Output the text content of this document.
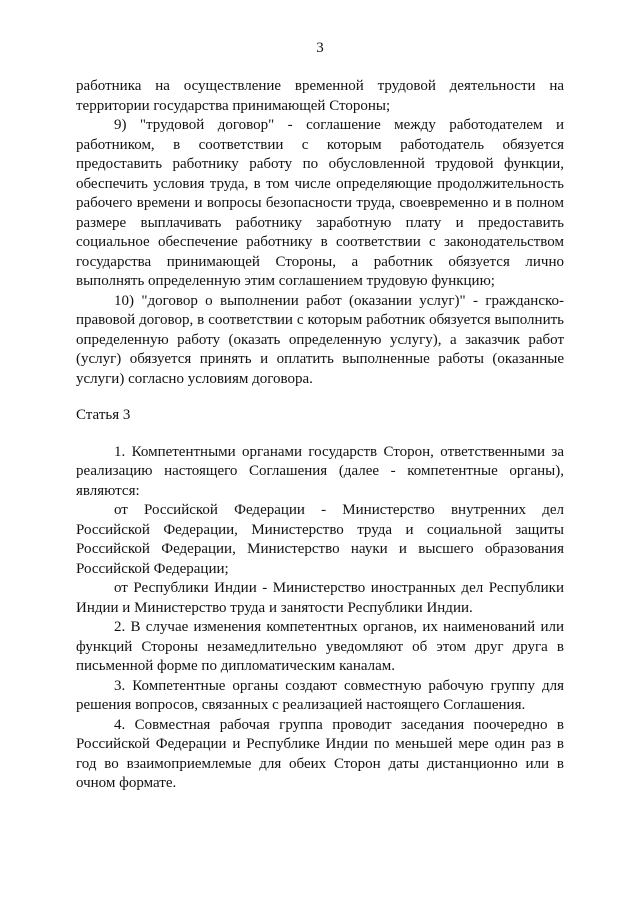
3

работника на осуществление временной трудовой деятельности на территории государства принимающей Стороны;

9) "трудовой договор" - соглашение между работодателем и работником, в соответствии с которым работодатель обязуется предоставить работнику работу по обусловленной трудовой функции, обеспечить условия труда, в том числе определяющие продолжительность рабочего времени и вопросы безопасности труда, своевременно и в полном размере выплачивать работнику заработную плату и предоставить социальное обеспечение работнику в соответствии с законодательством государства принимающей Стороны, а работник обязуется лично выполнять определенную этим соглашением трудовую функцию;

10) "договор о выполнении работ (оказании услуг)" - гражданско-правовой договор, в соответствии с которым работник обязуется выполнить определенную работу (оказать определенную услугу), а заказчик работ (услуг) обязуется принять и оплатить выполненные работы (оказанные услуги) согласно условиям договора.

Статья 3

1. Компетентными органами государств Сторон, ответственными за реализацию настоящего Соглашения (далее - компетентные органы), являются:

от Российской Федерации - Министерство внутренних дел Российской Федерации, Министерство труда и социальной защиты Российской Федерации, Министерство науки и высшего образования Российской Федерации;

от Республики Индии - Министерство иностранных дел Республики Индии и Министерство труда и занятости Республики Индии.

2. В случае изменения компетентных органов, их наименований или функций Стороны незамедлительно уведомляют об этом друг друга в письменной форме по дипломатическим каналам.

3. Компетентные органы создают совместную рабочую группу для решения вопросов, связанных с реализацией настоящего Соглашения.

4. Совместная рабочая группа проводит заседания поочередно в Российской Федерации и Республике Индии по меньшей мере один раз в год во взаимоприемлемые для обеих Сторон даты дистанционно или в очном формате.
